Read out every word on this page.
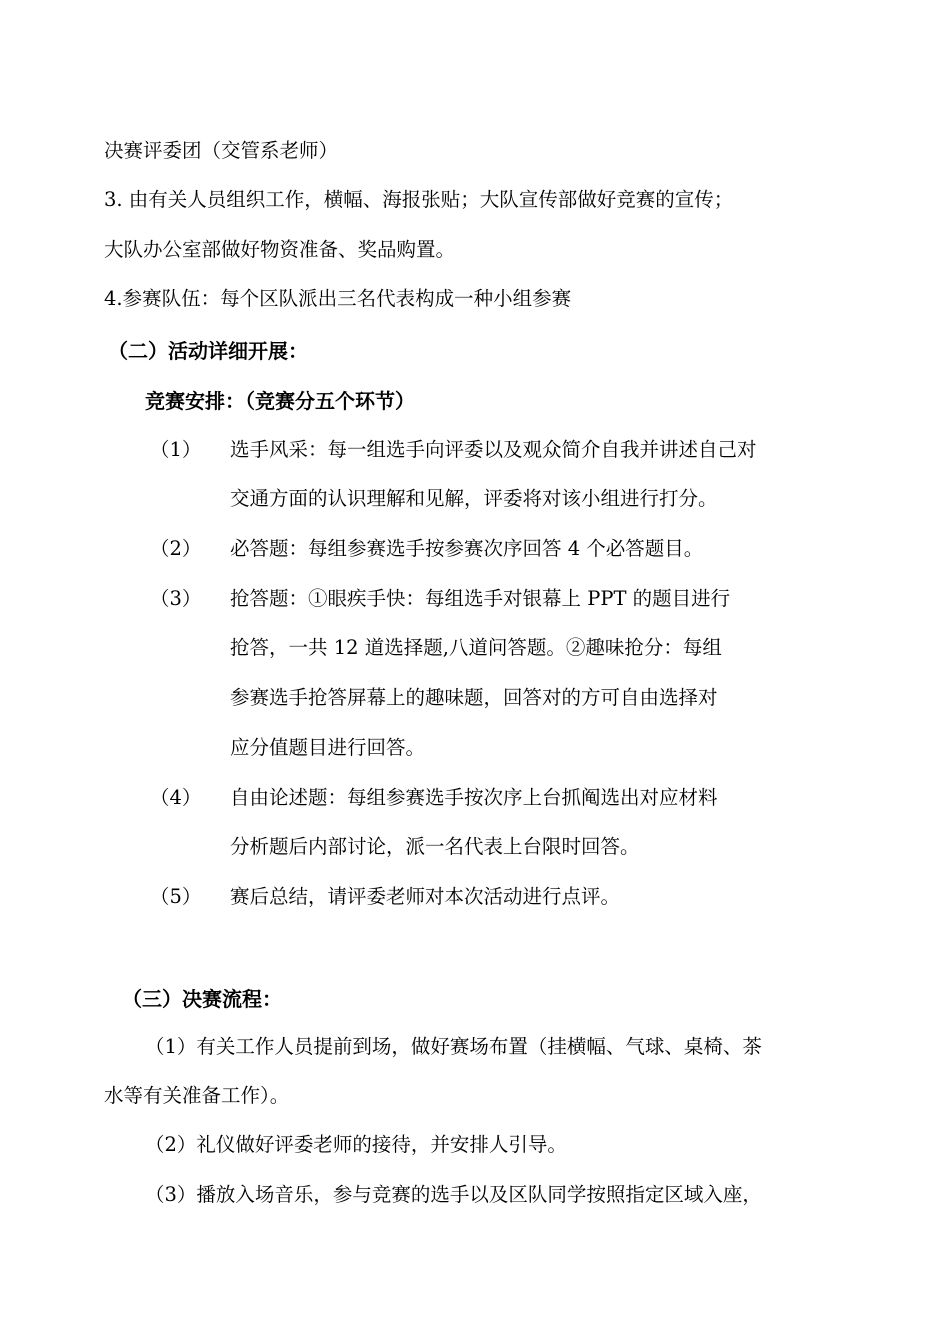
决赛评委团（交管系老师）
3. 由有关人员组织工作，横幅、海报张贴；大队宣传部做好竞赛的宣传；
大队办公室部做好物资准备、奖品购置。
4.参赛队伍：每个区队派出三名代表构成一种小组参赛
（二）活动详细开展：
竞赛安排：（竞赛分五个环节）
（1） 选手风采：每一组选手向评委以及观众简介自我并讲述自己对
交通方面的认识理解和见解，评委将对该小组进行打分。
（2） 必答题：每组参赛选手按参赛次序回答 4 个必答题目。
（3） 抢答题：①眼疾手快：每组选手对银幕上 PPT 的题目进行
抢答，一共 12 道选择题,八道问答题。②趣味抢分：每组
参赛选手抢答屏幕上的趣味题，回答对的方可自由选择对
应分值题目进行回答。
（4） 自由论述题：每组参赛选手按次序上台抓阄选出对应材料
分析题后内部讨论，派一名代表上台限时回答。
（5） 赛后总结，请评委老师对本次活动进行点评。
（三）决赛流程：
（1）有关工作人员提前到场，做好赛场布置（挂横幅、气球、桌椅、茶
水等有关准备工作）。
（2）礼仪做好评委老师的接待，并安排人引导。
（3）播放入场音乐，参与竞赛的选手以及区队同学按照指定区域入座，
